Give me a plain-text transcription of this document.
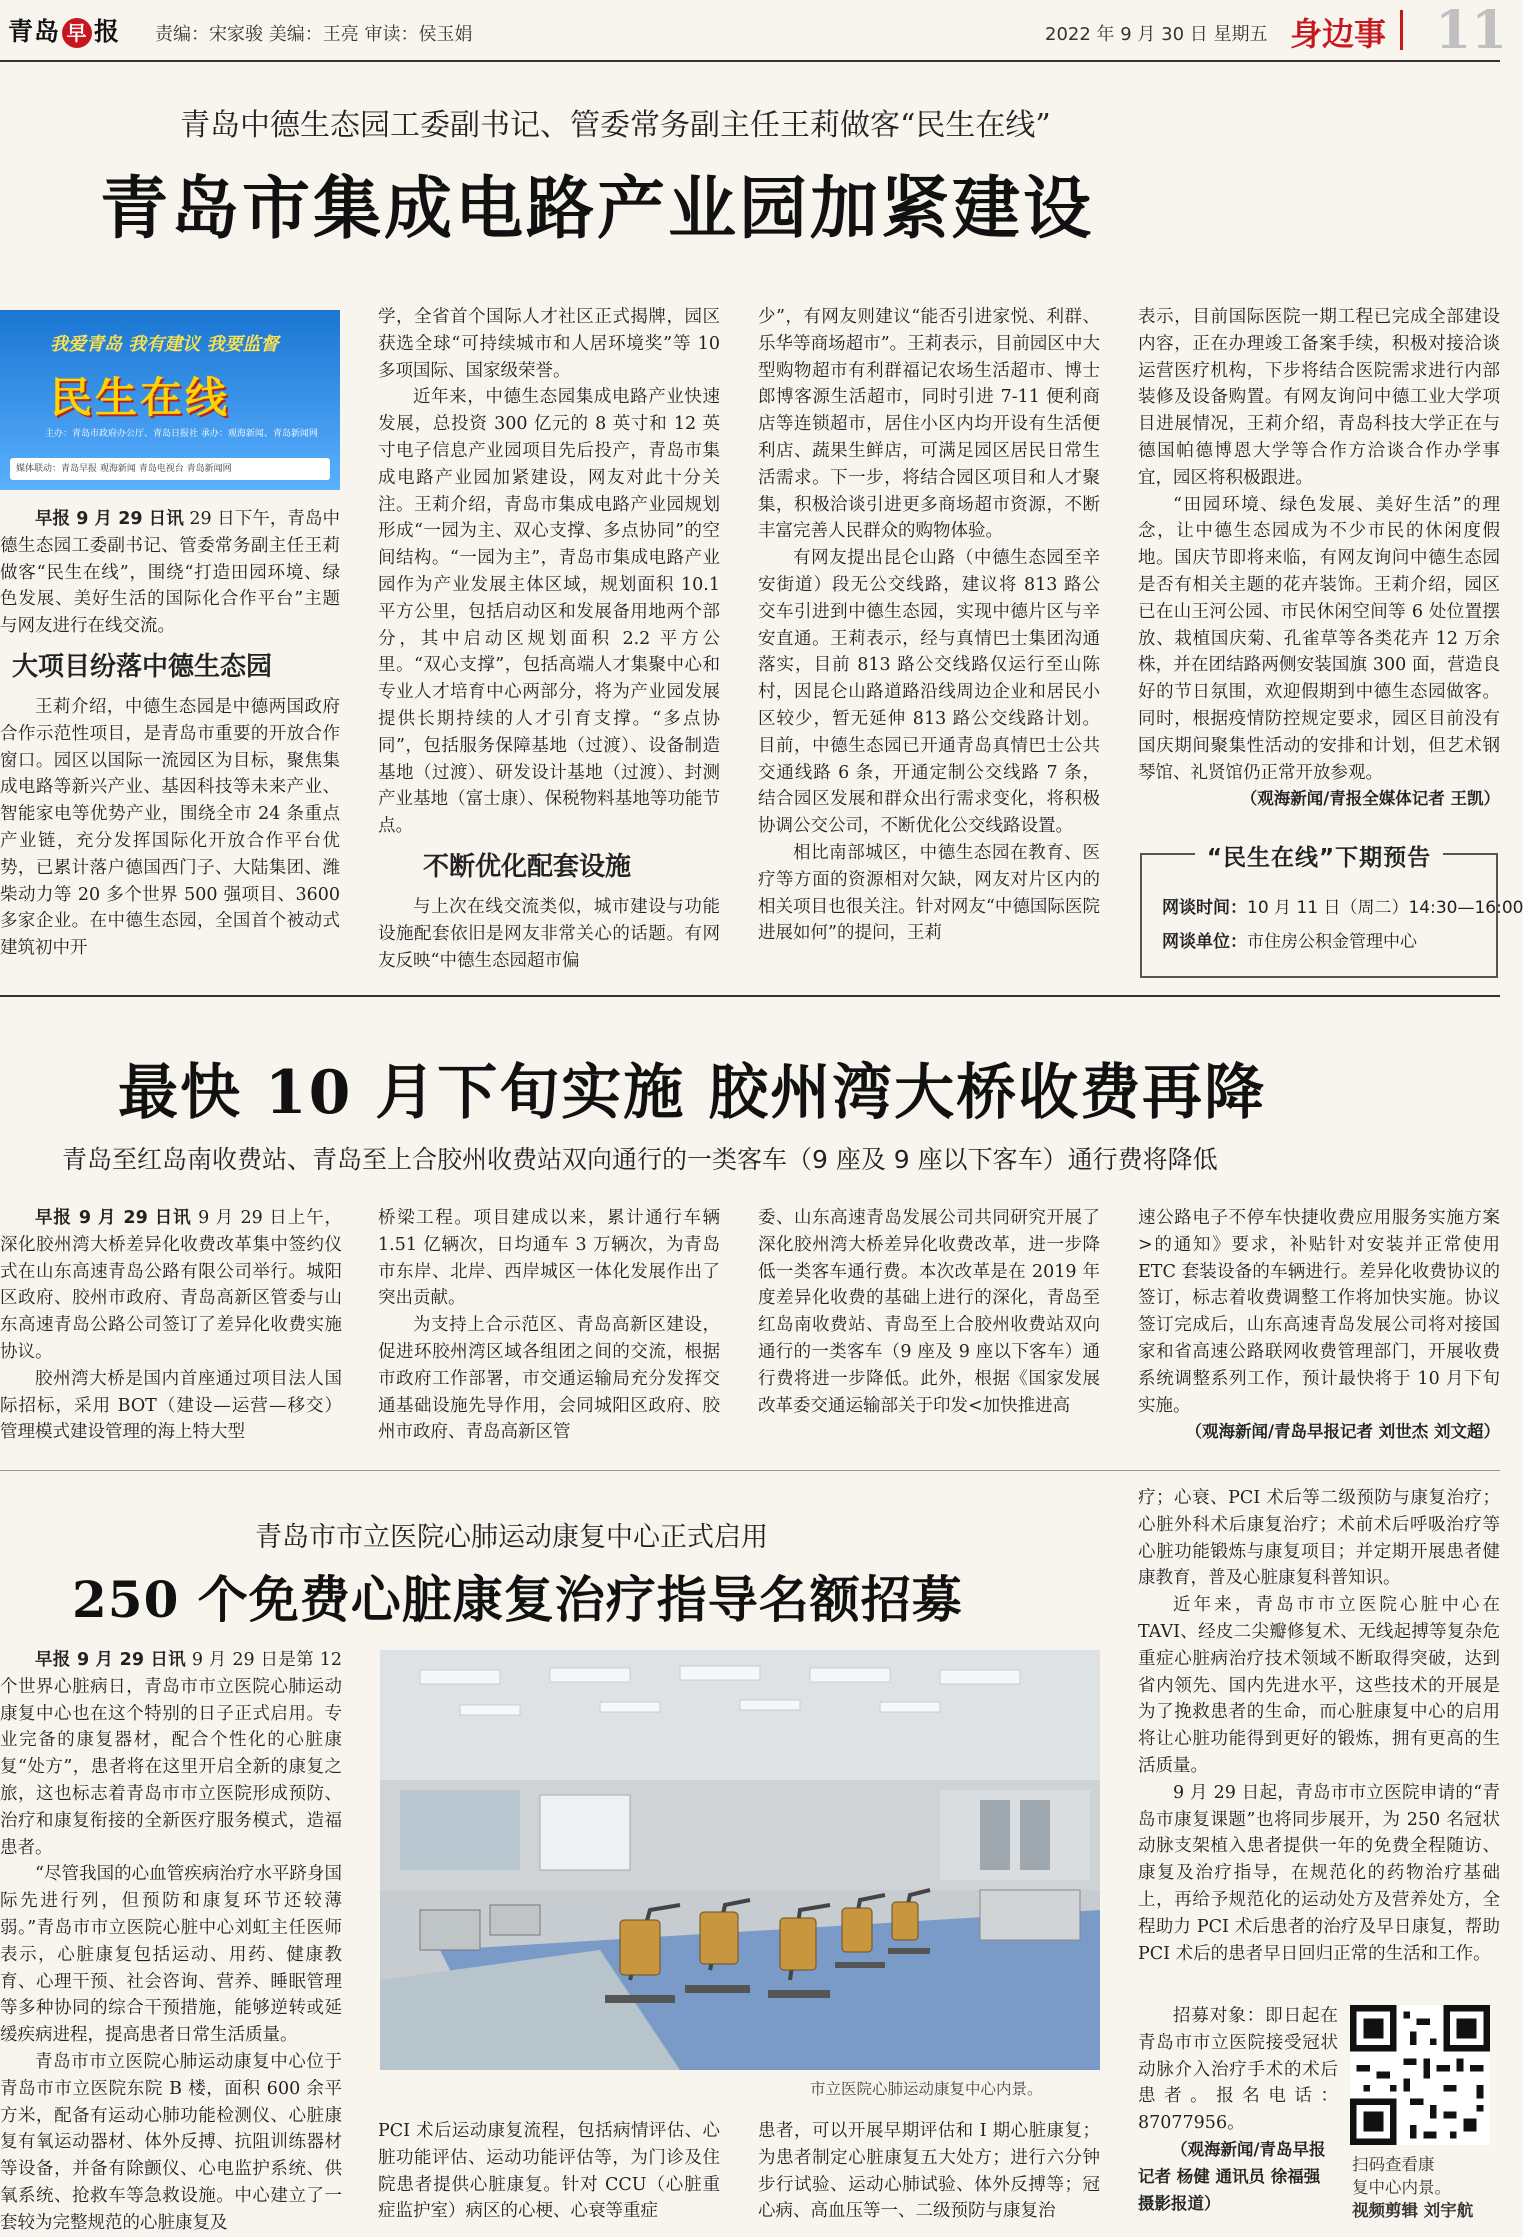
青岛 早 报 责编：宋家骏 美编：王亮 审读：侯玉娟	2022 年 9 月 30 日 星期五 身边事 11
青岛中德生态园工委副书记、管委常务副主任王莉做客“民生在线”
青岛市集成电路产业园加紧建设
我爱青岛 我有建议 我要监督
民生在线
主办：青岛市政府办公厅、青岛日报社 承办：观海新闻、青岛新闻网
媒体联动：青岛早报 观海新闻 青岛电视台 青岛新闻网

早报 9 月 29 日讯 29 日下午，青岛中德生态园工委副书记、管委常务副主任王莉做客“民生在线”，围绕“打造田园环境、绿色发展、美好生活的国际化合作平台”主题与网友进行在线交流。

大项目纷落中德生态园

王莉介绍，中德生态园是中德两国政府合作示范性项目，是青岛市重要的开放合作窗口。园区以国际一流园区为目标，聚焦集成电路等新兴产业、基因科技等未来产业、智能家电等优势产业，围绕全市 24 条重点产业链，充分发挥国际化开放合作平台优势，已累计落户德国西门子、大陆集团、潍柴动力等 20 多个世界 500 强项目、3600 多家企业。在中德生态园，全国首个被动式建筑初中开

学，全省首个国际人才社区正式揭牌，园区获选全球“可持续城市和人居环境奖”等 10 多项国际、国家级荣誉。

近年来，中德生态园集成电路产业快速发展，总投资 300 亿元的 8 英寸和 12 英寸电子信息产业园项目先后投产，青岛市集成电路产业园加紧建设，网友对此十分关注。王莉介绍，青岛市集成电路产业园规划形成“一园为主、双心支撑、多点协同”的空间结构。“一园为主”，青岛市集成电路产业园作为产业发展主体区域，规划面积 10.1 平方公里，包括启动区和发展备用地两个部分，其中启动区规划面积 2.2 平方公里。“双心支撑”，包括高端人才集聚中心和专业人才培育中心两部分，将为产业园发展提供长期持续的人才引育支撑。“多点协同”，包括服务保障基地（过渡）、设备制造基地（过渡）、研发设计基地（过渡）、封测产业基地（富士康）、保税物料基地等功能节点。

不断优化配套设施

与上次在线交流类似，城市建设与功能设施配套依旧是网友非常关心的话题。有网友反映“中德生态园超市偏

少”，有网友则建议“能否引进家悦、利群、乐华等商场超市”。王莉表示，目前园区中大型购物超市有利群福记农场生活超市、博士郎博客源生活超市，同时引进 7-11 便利商店等连锁超市，居住小区内均开设有生活便利店、蔬果生鲜店，可满足园区居民日常生活需求。下一步，将结合园区项目和人才聚集，积极洽谈引进更多商场超市资源，不断丰富完善人民群众的购物体验。

有网友提出昆仑山路（中德生态园至辛安街道）段无公交线路，建议将 813 路公交车引进到中德生态园，实现中德片区与辛安直通。王莉表示，经与真情巴士集团沟通落实，目前 813 路公交线路仅运行至山陈村，因昆仑山路道路沿线周边企业和居民小区较少，暂无延伸 813 路公交线路计划。目前，中德生态园已开通青岛真情巴士公共交通线路 6 条，开通定制公交线路 7 条，结合园区发展和群众出行需求变化，将积极协调公交公司，不断优化公交线路设置。

相比南部城区，中德生态园在教育、医疗等方面的资源相对欠缺，网友对片区内的相关项目也很关注。针对网友“中德国际医院进展如何”的提问，王莉

表示，目前国际医院一期工程已完成全部建设内容，正在办理竣工备案手续，积极对接洽谈运营医疗机构，下步将结合医院需求进行内部装修及设备购置。有网友询问中德工业大学项目进展情况，王莉介绍，青岛科技大学正在与德国帕德博恩大学等合作方洽谈合作办学事宜，园区将积极跟进。

“田园环境、绿色发展、美好生活”的理念，让中德生态园成为不少市民的休闲度假地。国庆节即将来临，有网友询问中德生态园是否有相关主题的花卉装饰。王莉介绍，园区已在山王河公园、市民休闲空间等 6 处位置摆放、栽植国庆菊、孔雀草等各类花卉 12 万余株，并在团结路两侧安装国旗 300 面，营造良好的节日氛围，欢迎假期到中德生态园做客。同时，根据疫情防控规定要求，园区目前没有国庆期间聚集性活动的安排和计划，但艺术钢琴馆、礼贤馆仍正常开放参观。

（观海新闻/青报全媒体记者 王凯）

“民生在线”下期预告
网谈时间：10 月 11 日（周二）14:30—16:00
网谈单位：市住房公积金管理中心
最快 10 月下旬实施 胶州湾大桥收费再降
青岛至红岛南收费站、青岛至上合胶州收费站双向通行的一类客车（9 座及 9 座以下客车）通行费将降低

早报 9 月 29 日讯 9 月 29 日上午，深化胶州湾大桥差异化收费改革集中签约仪式在山东高速青岛公路有限公司举行。城阳区政府、胶州市政府、青岛高新区管委与山东高速青岛公路公司签订了差异化收费实施协议。

胶州湾大桥是国内首座通过项目法人国际招标，采用 BOT（建设—运营—移交）管理模式建设管理的海上特大型

桥梁工程。项目建成以来，累计通行车辆 1.51 亿辆次，日均通车 3 万辆次，为青岛市东岸、北岸、西岸城区一体化发展作出了突出贡献。

为支持上合示范区、青岛高新区建设，促进环胶州湾区域各组团之间的交流，根据市政府工作部署，市交通运输局充分发挥交通基础设施先导作用，会同城阳区政府、胶州市政府、青岛高新区管

委、山东高速青岛发展公司共同研究开展了深化胶州湾大桥差异化收费改革，进一步降低一类客车通行费。本次改革是在 2019 年度差异化收费的基础上进行的深化，青岛至红岛南收费站、青岛至上合胶州收费站双向通行的一类客车（9 座及 9 座以下客车）通行费将进一步降低。此外，根据《国家发展改革委交通运输部关于印发<加快推进高

速公路电子不停车快捷收费应用服务实施方案>的通知》要求，补贴针对安装并正常使用 ETC 套装设备的车辆进行。差异化收费协议的签订，标志着收费调整工作将加快实施。协议签订完成后，山东高速青岛发展公司将对接国家和省高速公路联网收费管理部门，开展收费系统调整系列工作，预计最快将于 10 月下旬实施。

（观海新闻/青岛早报记者 刘世杰 刘文超）

青岛市市立医院心肺运动康复中心正式启用
250 个免费心脏康复治疗指导名额招募

早报 9 月 29 日讯 9 月 29 日是第 12 个世界心脏病日，青岛市市立医院心肺运动康复中心也在这个特别的日子正式启用。专业完备的康复器材，配合个性化的心脏康复“处方”，患者将在这里开启全新的康复之旅，这也标志着青岛市市立医院形成预防、治疗和康复衔接的全新医疗服务模式，造福患者。

“尽管我国的心血管疾病治疗水平跻身国际先进行列，但预防和康复环节还较薄弱。”青岛市市立医院心脏中心刘虹主任医师表示，心脏康复包括运动、用药、健康教育、心理干预、社会咨询、营养、睡眠管理等多种协同的综合干预措施，能够逆转或延缓疾病进程，提高患者日常生活质量。

青岛市市立医院心肺运动康复中心位于青岛市市立医院东院 B 楼，面积 600 余平方米，配备有运动心肺功能检测仪、心脏康复有氧运动器材、体外反搏、抗阻训练器材等设备，并备有除颤仪、心电监护系统、供氧系统、抢救车等急救设施。中心建立了一套较为完整规范的心脏康复及

市立医院心肺运动康复中心内景。

PCI 术后运动康复流程，包括病情评估、心脏功能评估、运动功能评估等，为门诊及住院患者提供心脏康复。针对 CCU（心脏重症监护室）病区的心梗、心衰等重症

患者，可以开展早期评估和 I 期心脏康复；为患者制定心脏康复五大处方；进行六分钟步行试验、运动心肺试验、体外反搏等；冠心病、高血压等一、二级预防与康复治

疗；心衰、PCI 术后等二级预防与康复治疗；心脏外科术后康复治疗；术前术后呼吸治疗等心脏功能锻炼与康复项目；并定期开展患者健康教育，普及心脏康复科普知识。

近年来，青岛市市立医院心脏中心在 TAVI、经皮二尖瓣修复术、无线起搏等复杂危重症心脏病治疗技术领域不断取得突破，达到省内领先、国内先进水平，这些技术的开展是为了挽救患者的生命，而心脏康复中心的启用将让心脏功能得到更好的锻炼，拥有更高的生活质量。

9 月 29 日起，青岛市市立医院申请的“青岛市康复课题”也将同步展开，为 250 名冠状动脉支架植入患者提供一年的免费全程随访、康复及治疗指导，在规范化的药物治疗基础上，再给予规范化的运动处方及营养处方，全程助力 PCI 术后患者的治疗及早日康复，帮助 PCI 术后的患者早日回归正常的生活和工作。

招募对象：即日起在青岛市市立医院接受冠状动脉介入治疗手术的术后患者。报名电话：87077956。

（观海新闻/青岛早报记者 杨健 通讯员 徐福强 摄影报道）

扫码查看康
复中心内景。
视频剪辑 刘宇航
